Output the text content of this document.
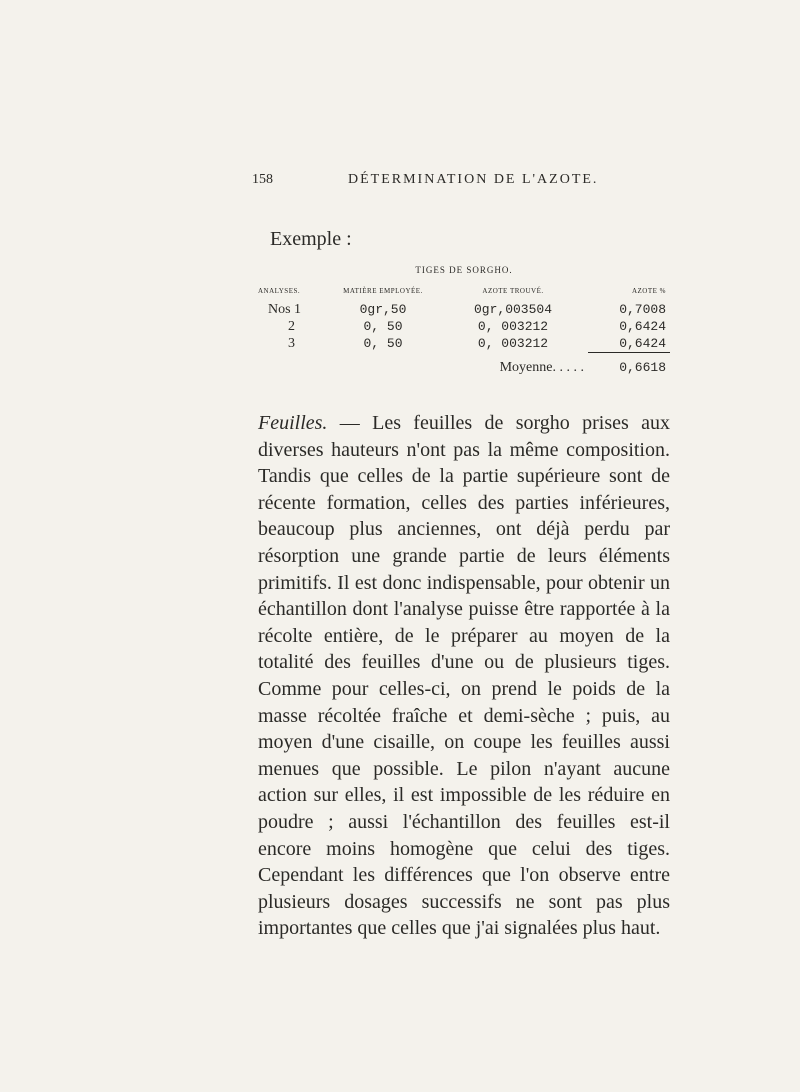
158	DÉTERMINATION DE L'AZOTE.
Exemple :
TIGES DE SORGHO.
ANALYSES.	MATIÈRE EMPLOYÉE.	AZOTE TROUVÉ.	AZOTE %
Nos 1	0gr,50	0gr,003504	0,7008
2	0, 50	0, 003212	0,6424
3	0, 50	0, 003212	0,6424
		Moyenne. . . . .	0,6618
Feuilles. — Les feuilles de sorgho prises aux diverses hauteurs n'ont pas la même composition. Tandis que celles de la partie supérieure sont de récente formation, celles des parties inférieures, beaucoup plus anciennes, ont déjà perdu par résorption une grande partie de leurs éléments primitifs. Il est donc indispensable, pour obtenir un échantillon dont l'analyse puisse être rapportée à la récolte entière, de le préparer au moyen de la totalité des feuilles d'une ou de plusieurs tiges. Comme pour celles-ci, on prend le poids de la masse récoltée fraîche et demi-sèche ; puis, au moyen d'une cisaille, on coupe les feuilles aussi menues que possible. Le pilon n'ayant aucune action sur elles, il est impossible de les réduire en poudre ; aussi l'échantillon des feuilles est-il encore moins homogène que celui des tiges. Cependant les différences que l'on observe entre plusieurs dosages successifs ne sont pas plus importantes que celles que j'ai signalées plus haut.
